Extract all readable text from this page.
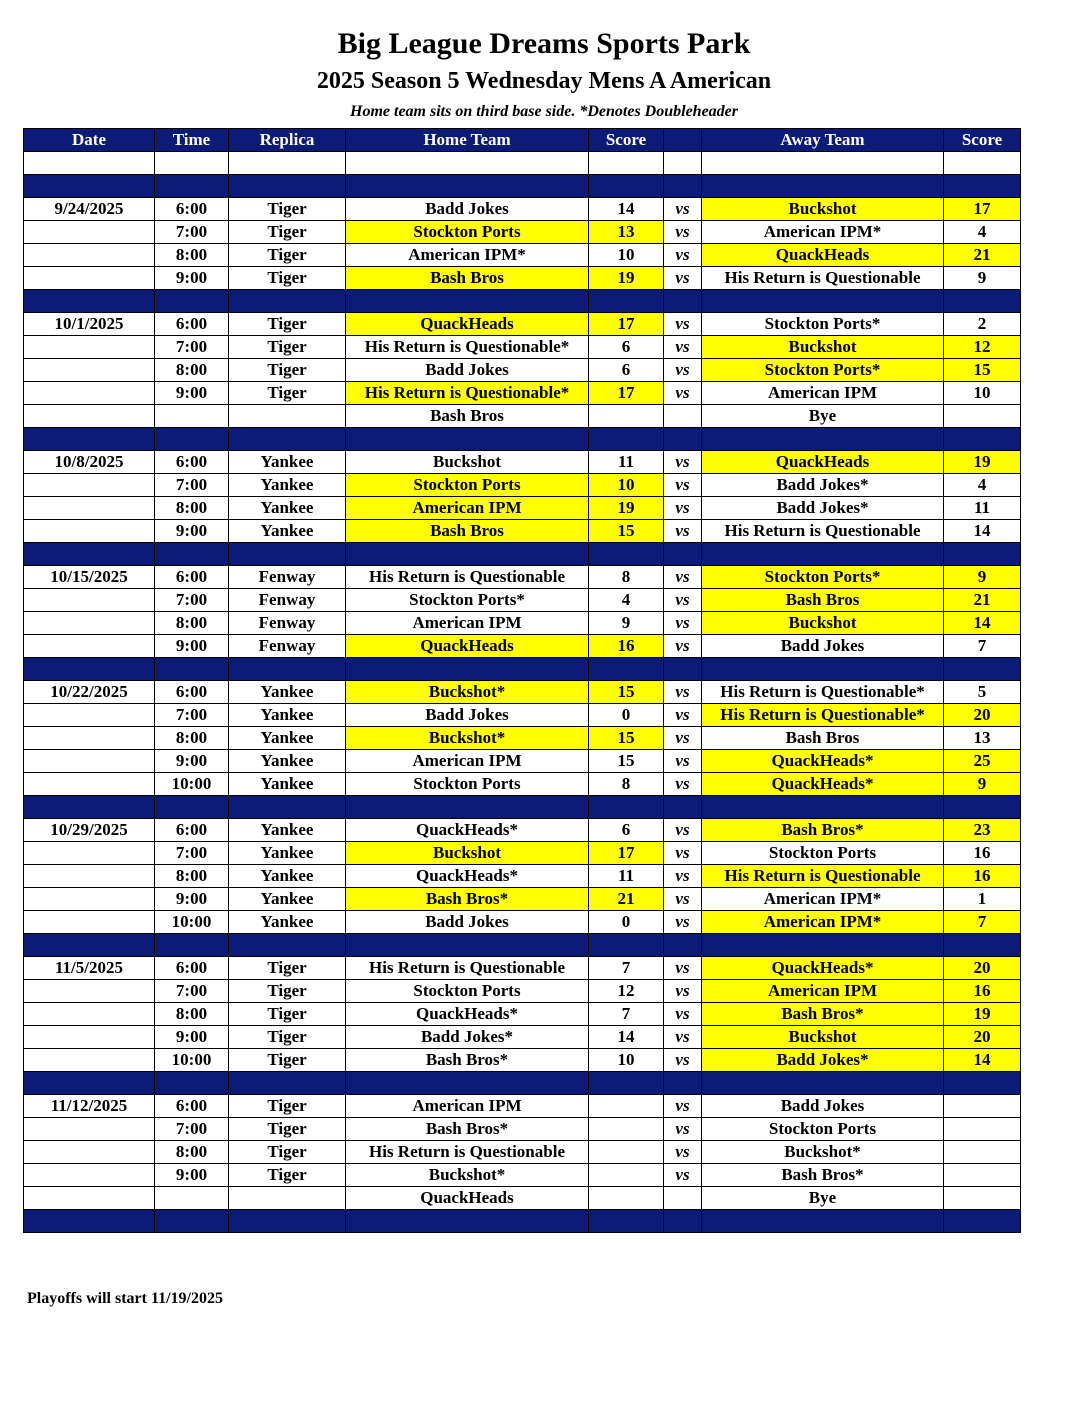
Big League Dreams Sports Park
2025 Season 5 Wednesday Mens A American
Home team sits on third base side. *Denotes Doubleheader
Date	Time	Replica	Home Team	Score		Away Team	Score

9/24/2025	6:00	Tiger	Badd Jokes	14	vs	Buckshot	17
	7:00	Tiger	Stockton Ports	13	vs	American IPM*	4
	8:00	Tiger	American IPM*	10	vs	QuackHeads	21
	9:00	Tiger	Bash Bros	19	vs	His Return is Questionable	9

10/1/2025	6:00	Tiger	QuackHeads	17	vs	Stockton Ports*	2
	7:00	Tiger	His Return is Questionable*	6	vs	Buckshot	12
	8:00	Tiger	Badd Jokes	6	vs	Stockton Ports*	15
	9:00	Tiger	His Return is Questionable*	17	vs	American IPM	10
			Bash Bros			Bye	

10/8/2025	6:00	Yankee	Buckshot	11	vs	QuackHeads	19
	7:00	Yankee	Stockton Ports	10	vs	Badd Jokes*	4
	8:00	Yankee	American IPM	19	vs	Badd Jokes*	11
	9:00	Yankee	Bash Bros	15	vs	His Return is Questionable	14

10/15/2025	6:00	Fenway	His Return is Questionable	8	vs	Stockton Ports*	9
	7:00	Fenway	Stockton Ports*	4	vs	Bash Bros	21
	8:00	Fenway	American IPM	9	vs	Buckshot	14
	9:00	Fenway	QuackHeads	16	vs	Badd Jokes	7

10/22/2025	6:00	Yankee	Buckshot*	15	vs	His Return is Questionable*	5
	7:00	Yankee	Badd Jokes	0	vs	His Return is Questionable*	20
	8:00	Yankee	Buckshot*	15	vs	Bash Bros	13
	9:00	Yankee	American IPM	15	vs	QuackHeads*	25
	10:00	Yankee	Stockton Ports	8	vs	QuackHeads*	9

10/29/2025	6:00	Yankee	QuackHeads*	6	vs	Bash Bros*	23
	7:00	Yankee	Buckshot	17	vs	Stockton Ports	16
	8:00	Yankee	QuackHeads*	11	vs	His Return is Questionable	16
	9:00	Yankee	Bash Bros*	21	vs	American IPM*	1
	10:00	Yankee	Badd Jokes	0	vs	American IPM*	7

11/5/2025	6:00	Tiger	His Return is Questionable	7	vs	QuackHeads*	20
	7:00	Tiger	Stockton Ports	12	vs	American IPM	16
	8:00	Tiger	QuackHeads*	7	vs	Bash Bros*	19
	9:00	Tiger	Badd Jokes*	14	vs	Buckshot	20
	10:00	Tiger	Bash Bros*	10	vs	Badd Jokes*	14

11/12/2025	6:00	Tiger	American IPM		vs	Badd Jokes	
	7:00	Tiger	Bash Bros*		vs	Stockton Ports	
	8:00	Tiger	His Return is Questionable		vs	Buckshot*	
	9:00	Tiger	Buckshot*		vs	Bash Bros*	
			QuackHeads			Bye	

Playoffs will start 11/19/2025
